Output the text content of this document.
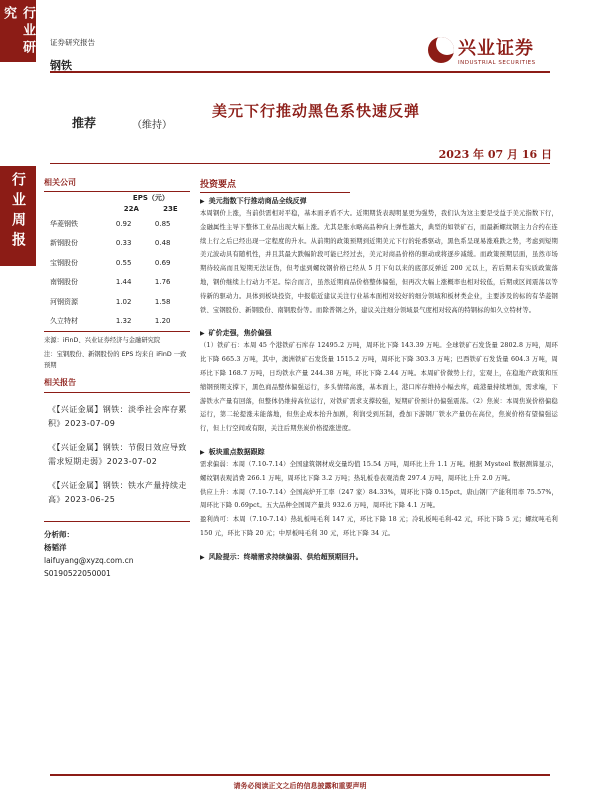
行业研究
行业周报
证券研究报告
钢铁
兴业证券
INDUSTRIAL SECURITIES
推荐	（维持）
美元下行推动黑色系快速反弹
2023 年 07 月 16 日
相关公司
	EPS（元）	
	22A	23E
华菱钢铁	0.92	0.85
新钢股份	0.33	0.48
宝钢股份	0.55	0.69
南钢股份	1.44	1.76
河钢资源	1.02	1.58
久立特材	1.32	1.20
来源：iFinD、兴业证券经济与金融研究院
注：宝钢股份、新钢股份的 EPS 均来自 iFinD 一致预期
相关报告
《【兴证金属】钢铁：淡季社会库存累积》2023-07-09
《【兴证金属】钢铁：节假日效应导致需求短期走弱》2023-07-02
《【兴证金属】钢铁：铁水产量持续走高》2023-06-25
分析师：
杨韬洋
laifuyang@xyzq.com.cn
S0190522050001
投资要点
▶ 美元指数下行推动商品全线反弹
本周钢价上涨，当前供需相对平稳，基本面矛盾不大。近期期货表现明显更为强势，我们认为这主要是受益于美元指数下行，金融属性主导下整体工业品出现大幅上涨。尤其是胀水略高品种向上弹性越大，典型的如铁矿石，而最新螺纹钢主力合约在连续上行之后已经出现一定程度的升水。从前期的政策预期到近期美元下行的轮番驱动，黑色系呈现易涨难跌之势，考虑到短期美元波动具有随机性，并且其最大跌幅阶段可能已经过去，美元对商品价格的驱动或将逐步减缓。而政策预期层面，虽然市场期待较高而且短期无法证伪，但考虑到螺纹钢价格已经从 5 月下旬以来的底部反弹近 200 元以上，若后期未有实质政策落地，钢价继续上行动力不足。综合而言，虽然近期商品价格整体偏强，但再次大幅上涨概率也相对较低，后期或区间震荡以等待新的驱动力。具体到板块投资，中报临近建议关注行业基本面相对较好的细分领域和板材类企业，主要涉及的标的有华菱钢铁、宝钢股份、新钢股份、南钢股份等。而除普钢之外，建议关注细分领域景气度相对较高的特钢标的如久立特材等。
▶ 矿价走强，焦价偏强
（1）铁矿石：本周 45 个港铁矿石库存 12495.2 万吨，周环比下降 143.39 万吨。全球铁矿石发货量 2802.8 万吨，周环比下降 665.3 万吨，其中，澳洲铁矿石发货量 1515.2 万吨，周环比下降 303.3 万吨；巴西铁矿石发货量 604.3 万吨，周环比下降 168.7 万吨，日均铁水产量 244.38 万吨，环比下降 2.44 万吨。本周矿价微势上行，宏观上，在稳地产政策和压缩钢预期支撑下，黑色商品整体偏强运行，多头情绪高涨，基本面上，港口库存维持小幅去库，疏港量持续增加，需求端，下游铁水产量有回落，但整体仍维持高位运行，对铁矿需求支撑较强，短期矿价预计仍偏强震荡。（2）焦炭：本周焦炭价格偏稳运行，第二轮提涨未能落地，但焦企成本抬升加剧，利润受到压制，叠加下游钢厂铁水产量仍在高位，焦炭价格有望偏强运行，但上行空间或有限，关注后期焦炭价格提涨进度。
▶ 板块重点数据跟踪
需求偏弱：本周（7.10-7.14）全国建筑钢材成交量均值 15.54 万吨，周环比上升 1.1 万吨。根据 Mysteel 数据测算显示，螺纹钢表观消费 266.1 万吨，周环比下降 3.2 万吨；热轧板卷表观消费 297.4 万吨，周环比上升 2.0 万吨。
供应上升：本周（7.10-7.14）全国高炉开工率（247 家）84.33%，周环比下降 0.15pct。唐山钢厂产能利用率 75.57%，周环比下降 0.69pct。五大品种全国周产量共 932.6 万吨，周环比下降 4.1 万吨。
盈利尚可：本周（7.10-7.14）热轧板吨毛利 147 元，环比下降 18 元；冷轧板吨毛利-42 元，环比下降 5 元；螺纹吨毛利 150 元，环比下降 20 元；中厚板吨毛利 30 元，环比下降 34 元。
▶ 风险提示：终端需求持续偏弱、供给超预期回升。
请务必阅读正文之后的信息披露和重要声明
